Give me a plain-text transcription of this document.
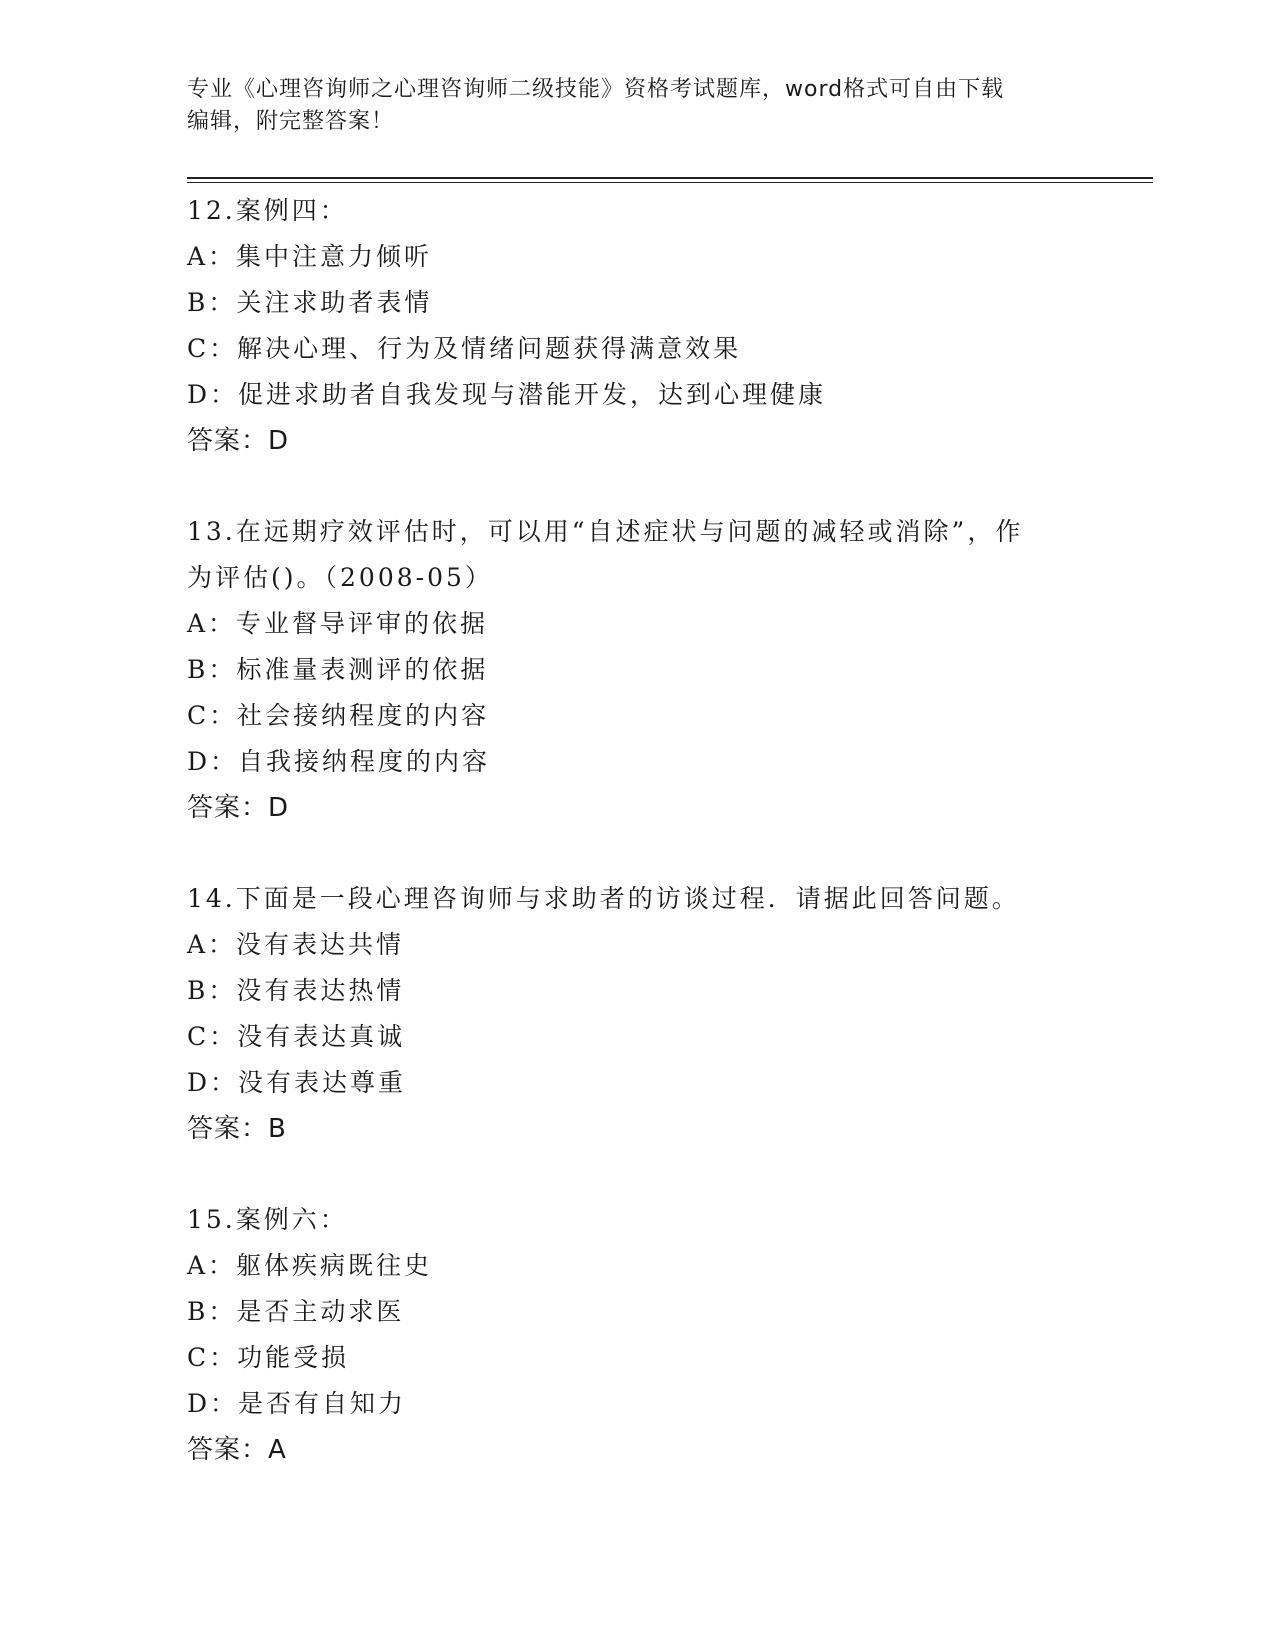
专业《心理咨询师之心理咨询师二级技能》资格考试题库，word格式可自由下载
编辑，附完整答案！
12.案例四：
A：集中注意力倾听
B：关注求助者表情
C：解决心理、行为及情绪问题获得满意效果
D：促进求助者自我发现与潜能开发，达到心理健康
答案：D
13.在远期疗效评估时，可以用“自述症状与问题的减轻或消除”，作
为评估()。（2008-05）
A：专业督导评审的依据
B：标准量表测评的依据
C：社会接纳程度的内容
D：自我接纳程度的内容
答案：D
14.下面是一段心理咨询师与求助者的访谈过程．请据此回答问题。
A：没有表达共情
B：没有表达热情
C：没有表达真诚
D：没有表达尊重
答案：B
15.案例六：
A：躯体疾病既往史
B：是否主动求医
C：功能受损
D：是否有自知力
答案：A
